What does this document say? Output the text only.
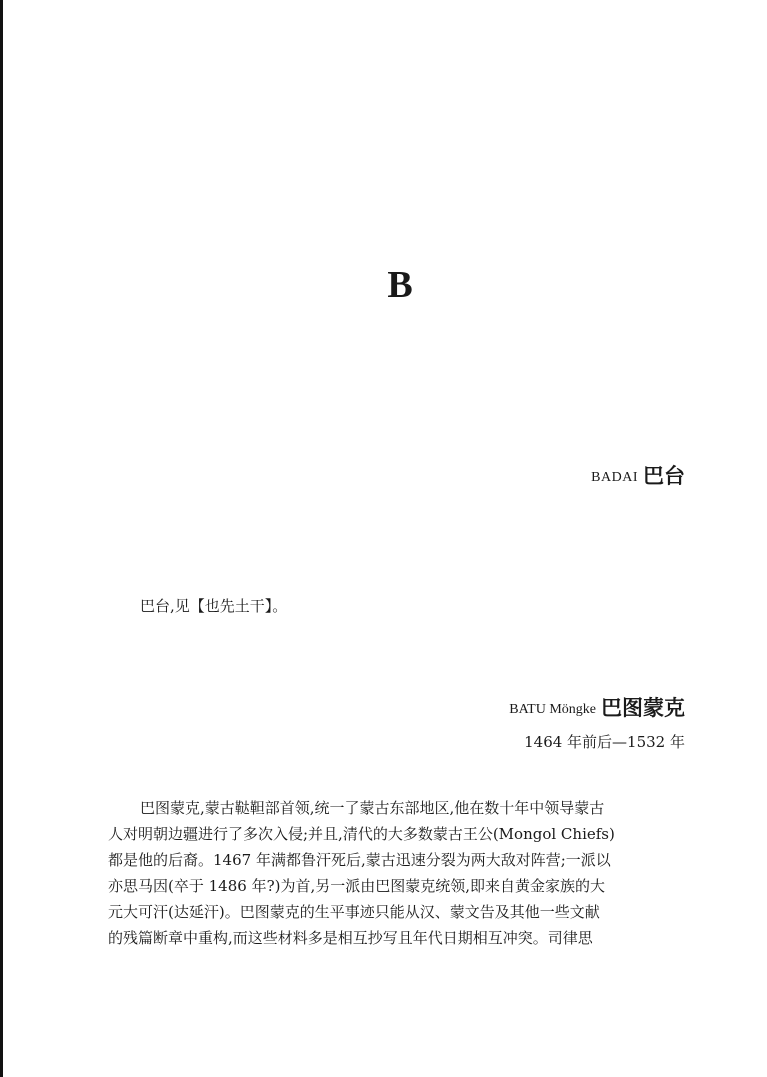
B
BADAI 巴台

巴台,见【也先土干】。

BATU Möngke 巴图蒙克
1464 年前后—1532 年

巴图蒙克,蒙古鞑靼部首领,统一了蒙古东部地区,他在数十年中领导蒙古
人对明朝边疆进行了多次入侵;并且,清代的大多数蒙古王公(Mongol Chiefs)
都是他的后裔。1467 年满都鲁汗死后,蒙古迅速分裂为两大敌对阵营;一派以
亦思马因(卒于 1486 年?)为首,另一派由巴图蒙克统领,即来自黄金家族的大
元大可汗(达延汗)。巴图蒙克的生平事迹只能从汉、蒙文告及其他一些文献
的残篇断章中重构,而这些材料多是相互抄写且年代日期相互冲突。司律思
